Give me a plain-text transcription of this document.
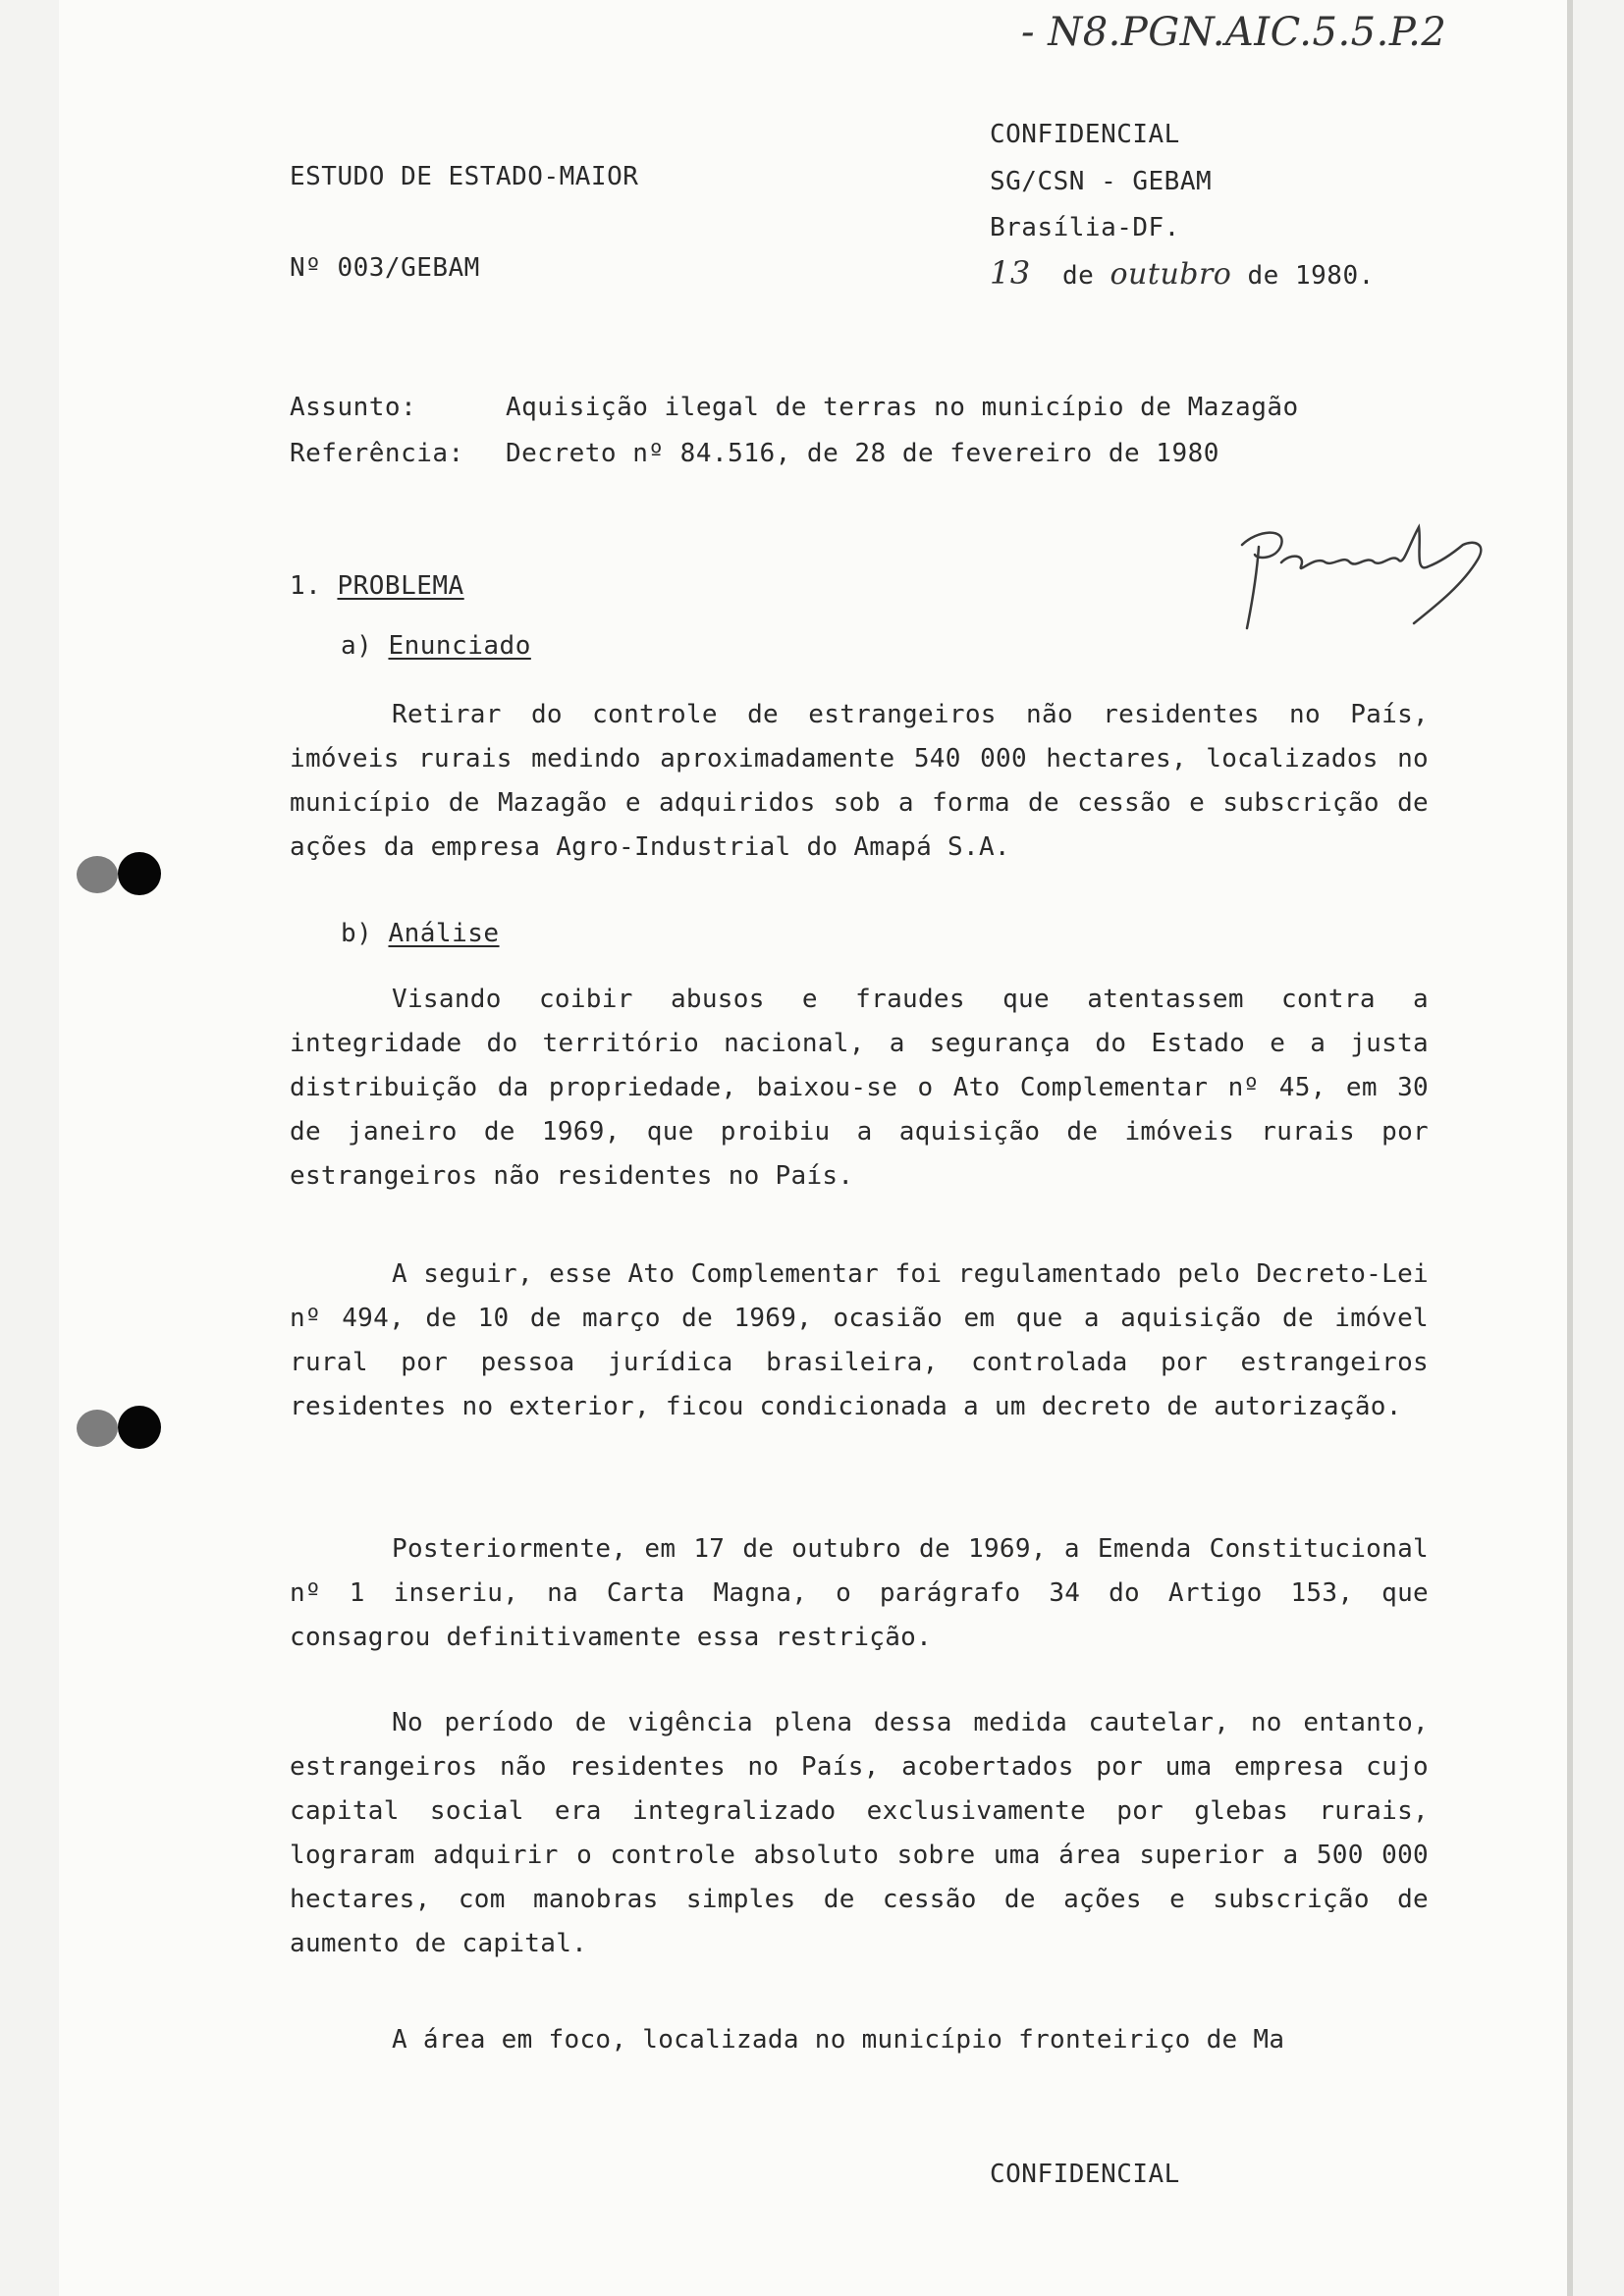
- N8.PGN.AIC.5.5.P.2
CONFIDENCIAL
ESTUDO DE ESTADO-MAIOR	SG/CSN - GEBAM
Brasília-DF.
Nº 003/GEBAM	13 de outubro de 1980.
Assunto:	Aquisição ilegal de terras no município de Mazagão
Referência: Decreto nº 84.516, de 28 de fevereiro de 1980
1. PROBLEMA
a) Enunciado

Retirar do controle de estrangeiros não residentes no País, imóveis rurais medindo aproximadamente 540 000 hectares, localizados no município de Mazagão e adquiridos sob a forma de cessão e subscrição de ações da empresa Agro-Industrial do Amapá S.A.

b) Análise

Visando coibir abusos e fraudes que atentassem contra a integridade do território nacional, a segurança do Estado e a justa distribuição da propriedade, baixou-se o Ato Complementar nº 45, em 30 de janeiro de 1969, que proibiu a aquisição de imóveis rurais por estrangeiros não residentes no País.

A seguir, esse Ato Complementar foi regulamentado pelo Decreto-Lei nº 494, de 10 de março de 1969, ocasião em que a aquisição de imóvel rural por pessoa jurídica brasileira, controlada por estrangeiros residentes no exterior, ficou condicionada a um decreto de autorização.

Posteriormente, em 17 de outubro de 1969, a Emenda Constitucional nº 1 inseriu, na Carta Magna, o parágrafo 34 do Artigo 153, que consagrou definitivamente essa restrição.

No período de vigência plena dessa medida cautelar, no entanto, estrangeiros não residentes no País, acobertados por uma empresa cujo capital social era integralizado exclusivamente por glebas rurais, lograram adquirir o controle absoluto sobre uma área superior a 500 000 hectares, com manobras simples de cessão de ações e subscrição de aumento de capital.

A área em foco, localizada no município fronteiriço de Ma

CONFIDENCIAL
